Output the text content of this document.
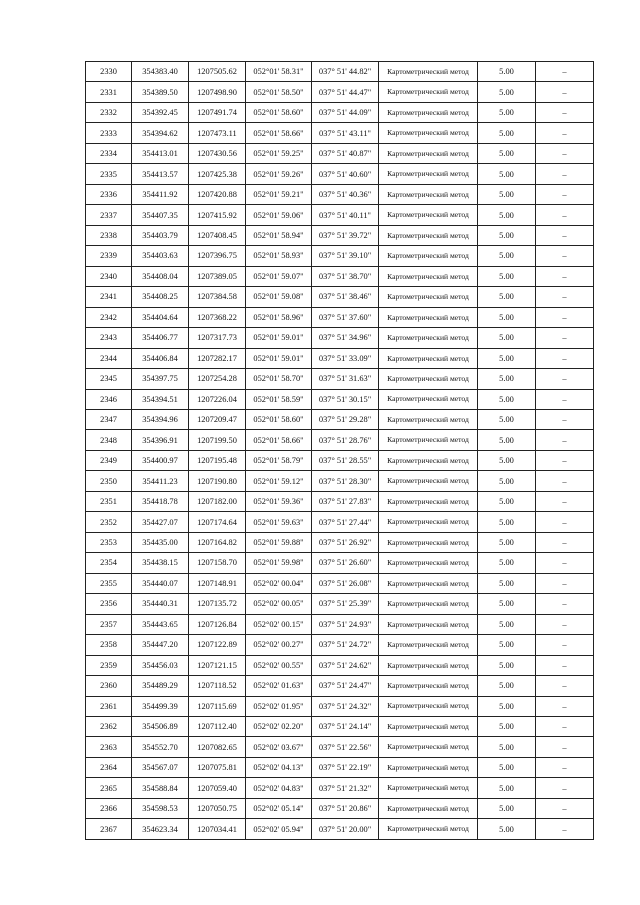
2330	354383.40	1207505.62	052°01' 58.31"	037° 51' 44.82"	Картометрический метод	5.00	–
2331	354389.50	1207498.90	052°01' 58.50"	037° 51' 44.47"	Картометрический метод	5.00	–
2332	354392.45	1207491.74	052°01' 58.60"	037° 51' 44.09"	Картометрический метод	5.00	–
2333	354394.62	1207473.11	052°01' 58.66"	037° 51' 43.11"	Картометрический метод	5.00	–
2334	354413.01	1207430.56	052°01' 59.25"	037° 51' 40.87"	Картометрический метод	5.00	–
2335	354413.57	1207425.38	052°01' 59.26"	037° 51' 40.60"	Картометрический метод	5.00	–
2336	354411.92	1207420.88	052°01' 59.21"	037° 51' 40.36"	Картометрический метод	5.00	–
2337	354407.35	1207415.92	052°01' 59.06"	037° 51' 40.11"	Картометрический метод	5.00	–
2338	354403.79	1207408.45	052°01' 58.94"	037° 51' 39.72"	Картометрический метод	5.00	–
2339	354403.63	1207396.75	052°01' 58.93"	037° 51' 39.10"	Картометрический метод	5.00	–
2340	354408.04	1207389.05	052°01' 59.07"	037° 51' 38.70"	Картометрический метод	5.00	–
2341	354408.25	1207384.58	052°01' 59.08"	037° 51' 38.46"	Картометрический метод	5.00	–
2342	354404.64	1207368.22	052°01' 58.96"	037° 51' 37.60"	Картометрический метод	5.00	–
2343	354406.77	1207317.73	052°01' 59.01"	037° 51' 34.96"	Картометрический метод	5.00	–
2344	354406.84	1207282.17	052°01' 59.01"	037° 51' 33.09"	Картометрический метод	5.00	–
2345	354397.75	1207254.28	052°01' 58.70"	037° 51' 31.63"	Картометрический метод	5.00	–
2346	354394.51	1207226.04	052°01' 58.59"	037° 51' 30.15"	Картометрический метод	5.00	–
2347	354394.96	1207209.47	052°01' 58.60"	037° 51' 29.28"	Картометрический метод	5.00	–
2348	354396.91	1207199.50	052°01' 58.66"	037° 51' 28.76"	Картометрический метод	5.00	–
2349	354400.97	1207195.48	052°01' 58.79"	037° 51' 28.55"	Картометрический метод	5.00	–
2350	354411.23	1207190.80	052°01' 59.12"	037° 51' 28.30"	Картометрический метод	5.00	–
2351	354418.78	1207182.00	052°01' 59.36"	037° 51' 27.83"	Картометрический метод	5.00	–
2352	354427.07	1207174.64	052°01' 59.63"	037° 51' 27.44"	Картометрический метод	5.00	–
2353	354435.00	1207164.82	052°01' 59.88"	037° 51' 26.92"	Картометрический метод	5.00	–
2354	354438.15	1207158.70	052°01' 59.98"	037° 51' 26.60"	Картометрический метод	5.00	–
2355	354440.07	1207148.91	052°02' 00.04"	037° 51' 26.08"	Картометрический метод	5.00	–
2356	354440.31	1207135.72	052°02' 00.05"	037° 51' 25.39"	Картометрический метод	5.00	–
2357	354443.65	1207126.84	052°02' 00.15"	037° 51' 24.93"	Картометрический метод	5.00	–
2358	354447.20	1207122.89	052°02' 00.27"	037° 51' 24.72"	Картометрический метод	5.00	–
2359	354456.03	1207121.15	052°02' 00.55"	037° 51' 24.62"	Картометрический метод	5.00	–
2360	354489.29	1207118.52	052°02' 01.63"	037° 51' 24.47"	Картометрический метод	5.00	–
2361	354499.39	1207115.69	052°02' 01.95"	037° 51' 24.32"	Картометрический метод	5.00	–
2362	354506.89	1207112.40	052°02' 02.20"	037° 51' 24.14"	Картометрический метод	5.00	–
2363	354552.70	1207082.65	052°02' 03.67"	037° 51' 22.56"	Картометрический метод	5.00	–
2364	354567.07	1207075.81	052°02' 04.13"	037° 51' 22.19"	Картометрический метод	5.00	–
2365	354588.84	1207059.40	052°02' 04.83"	037° 51' 21.32"	Картометрический метод	5.00	–
2366	354598.53	1207050.75	052°02' 05.14"	037° 51' 20.86"	Картометрический метод	5.00	–
2367	354623.34	1207034.41	052°02' 05.94"	037° 51' 20.00"	Картометрический метод	5.00	–
